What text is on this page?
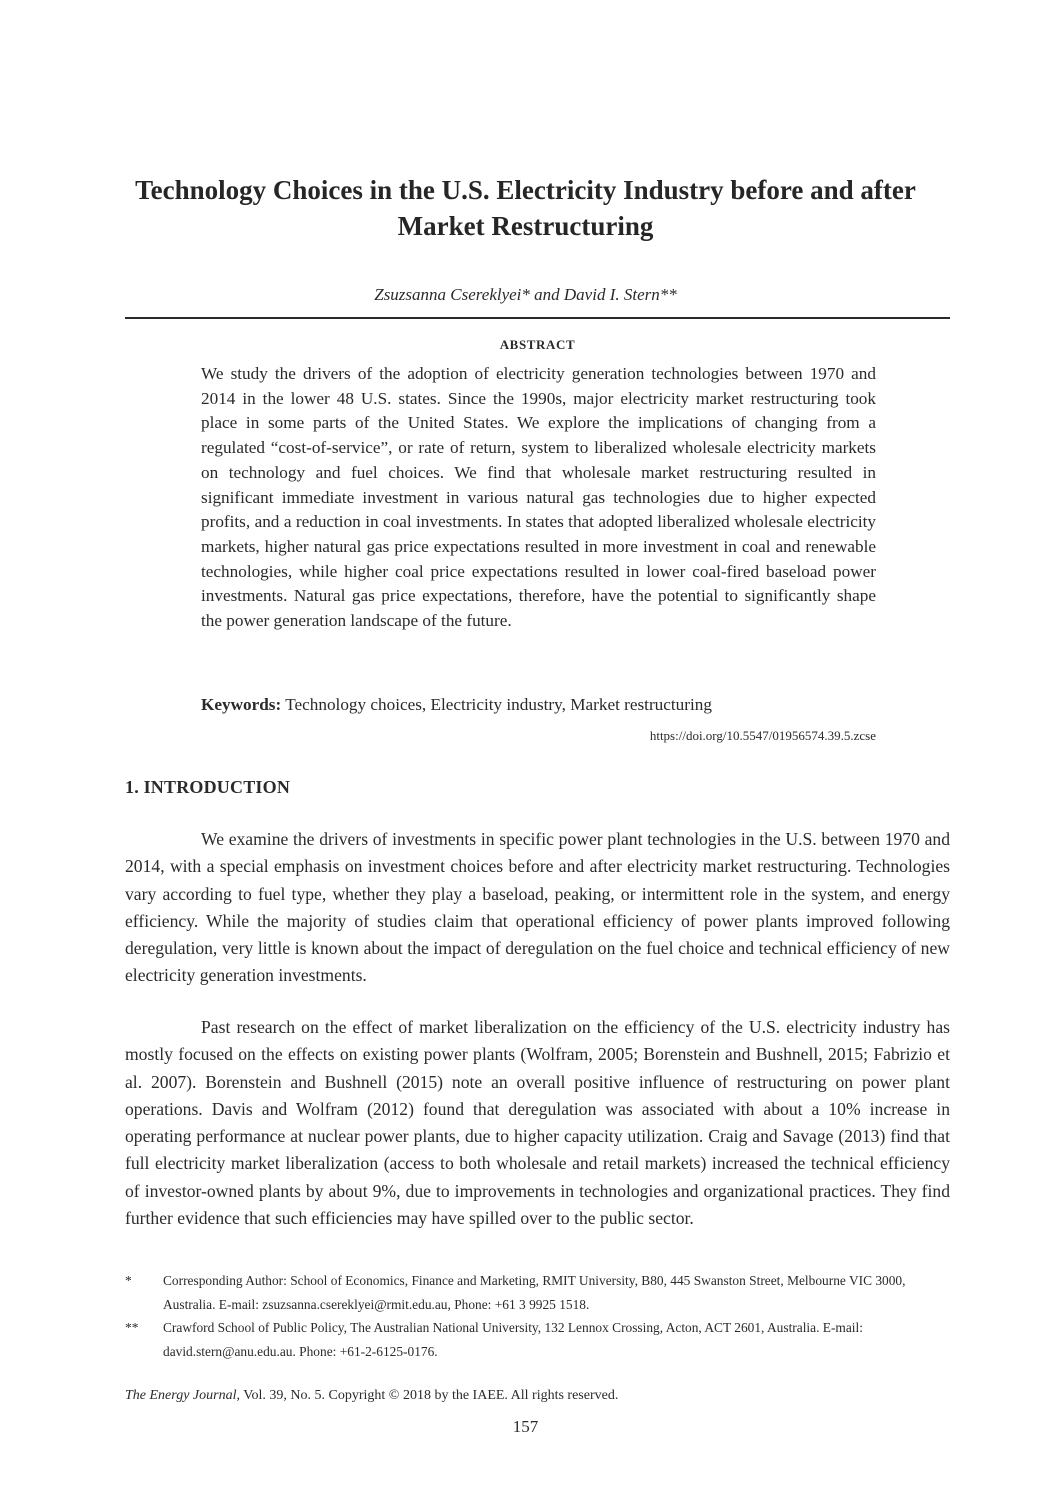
Technology Choices in the U.S. Electricity Industry before and after Market Restructuring
Zsuzsanna Csereklyei* and David I. Stern**
ABSTRACT

We study the drivers of the adoption of electricity generation technologies between 1970 and 2014 in the lower 48 U.S. states. Since the 1990s, major electricity market restructuring took place in some parts of the United States. We explore the implications of changing from a regulated “cost-of-service”, or rate of return, system to liberalized wholesale electricity markets on technology and fuel choices. We find that wholesale market restructuring resulted in significant immediate investment in various natural gas technologies due to higher expected profits, and a reduction in coal investments. In states that adopted liberalized wholesale electricity markets, higher natural gas price expectations resulted in more investment in coal and renewable technologies, while higher coal price expectations resulted in lower coal-fired baseload power investments. Natural gas price expectations, therefore, have the potential to significantly shape the power generation landscape of the future.

Keywords: Technology choices, Electricity industry, Market restructuring
https://doi.org/10.5547/01956574.39.5.zcse
1. INTRODUCTION

We examine the drivers of investments in specific power plant technologies in the U.S. between 1970 and 2014, with a special emphasis on investment choices before and after electricity market restructuring. Technologies vary according to fuel type, whether they play a baseload, peaking, or intermittent role in the system, and energy efficiency. While the majority of studies claim that operational efficiency of power plants improved following deregulation, very little is known about the impact of deregulation on the fuel choice and technical efficiency of new electricity generation investments.

Past research on the effect of market liberalization on the efficiency of the U.S. electricity industry has mostly focused on the effects on existing power plants (Wolfram, 2005; Borenstein and Bushnell, 2015; Fabrizio et al. 2007). Borenstein and Bushnell (2015) note an overall positive influence of restructuring on power plant operations. Davis and Wolfram (2012) found that deregulation was associated with about a 10% increase in operating performance at nuclear power plants, due to higher capacity utilization. Craig and Savage (2013) find that full electricity market liberalization (access to both wholesale and retail markets) increased the technical efficiency of investor-owned plants by about 9%, due to improvements in technologies and organizational practices. They find further evidence that such efficiencies may have spilled over to the public sector.

*	Corresponding Author: School of Economics, Finance and Marketing, RMIT University, B80, 445 Swanston Street, Melbourne VIC 3000, Australia. E-mail: zsuzsanna.csereklyei@rmit.edu.au, Phone: +61 3 9925 1518.
**	Crawford School of Public Policy, The Australian National University, 132 Lennox Crossing, Acton, ACT 2601, Australia. E-mail: david.stern@anu.edu.au. Phone: +61-2-6125-0176.
The Energy Journal, Vol. 39, No. 5. Copyright © 2018 by the IAEE. All rights reserved.
157
